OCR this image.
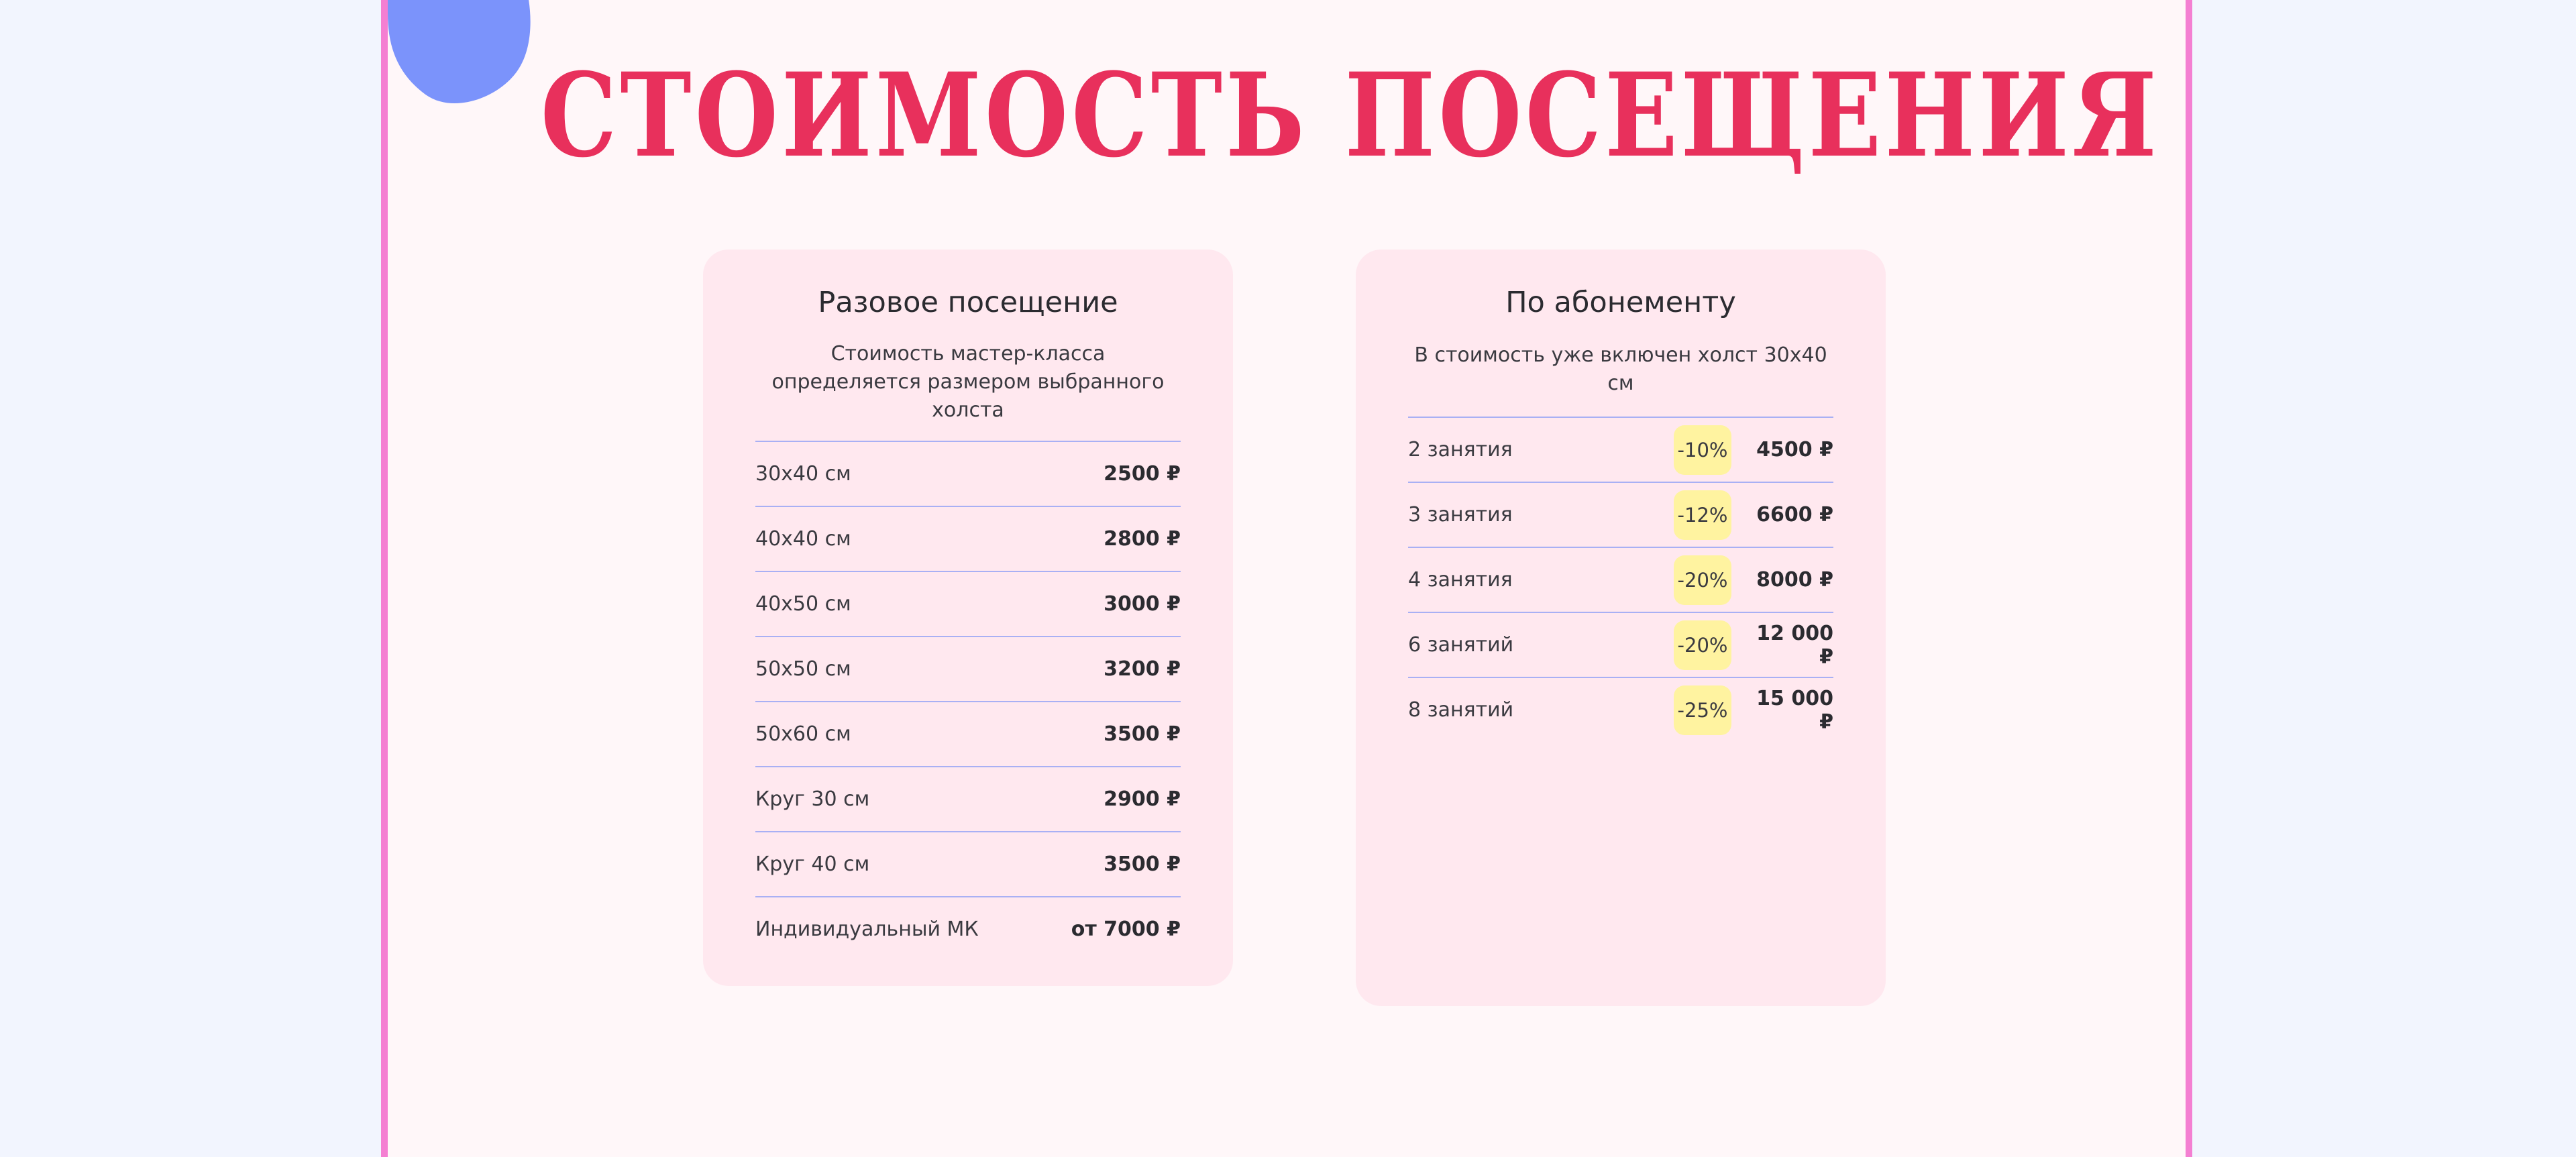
СТОИМОСТЬ ПОСЕЩЕНИЯ
Разовое посещение
Стоимость мастер-класса определяется размером выбранного холста
30х40 см	2500 ₽
40х40 см	2800 ₽
40х50 см	3000 ₽
50х50 см	3200 ₽
50х60 см	3500 ₽
Круг 30 см	2900 ₽
Круг 40 см	3500 ₽
Индивидуальный МК	от 7000 ₽
По абонементу
В стоимость уже включен холст 30х40 см
2 занятия	-10%	4500 ₽
3 занятия	-12%	6600 ₽
4 занятия	-20%	8000 ₽
6 занятий	-20%	12 000 ₽
8 занятий	-25%	15 000 ₽
